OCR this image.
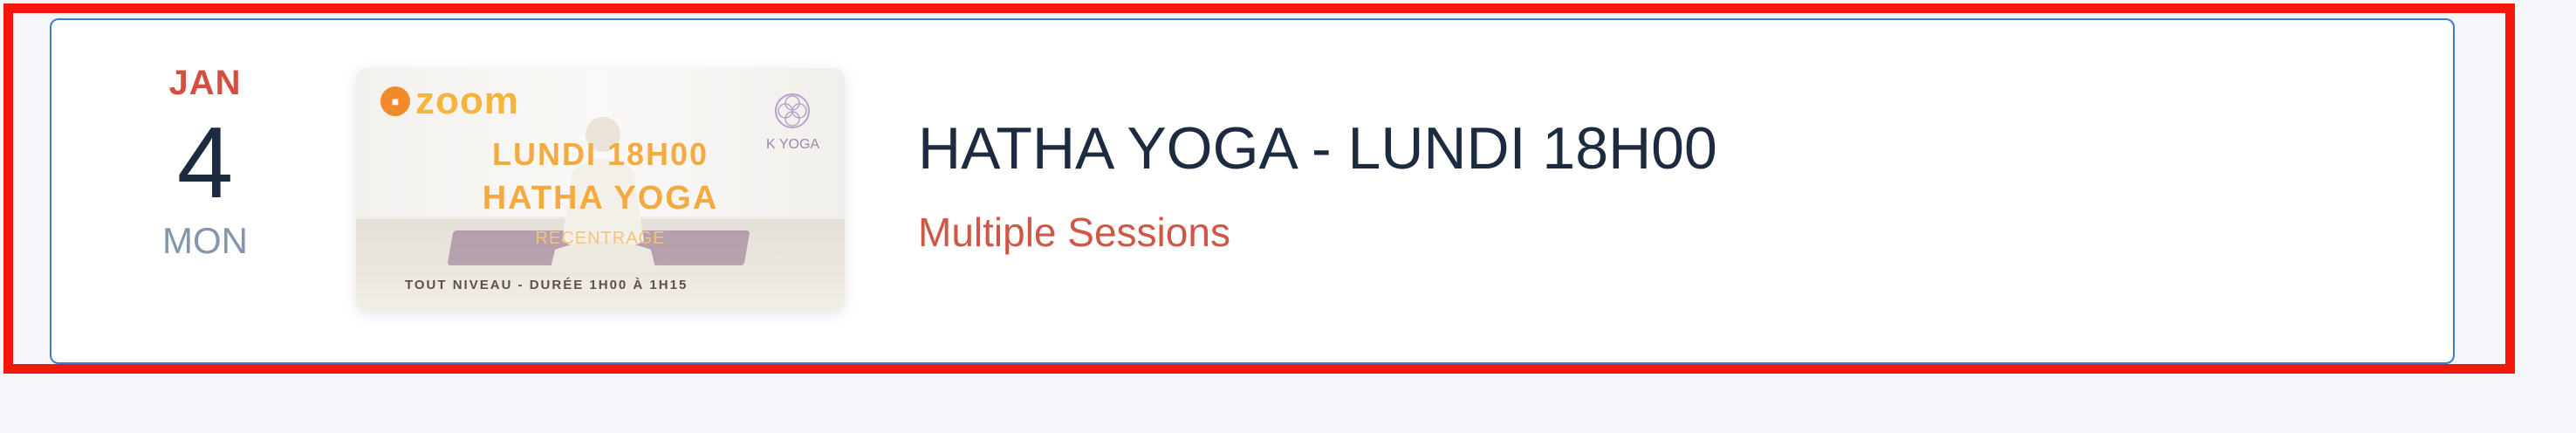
JAN
4
MON
■ zoom
K YOGA
LUNDI 18H00
HATHA YOGA
RECENTRAGE
TOUT NIVEAU - DURÉE 1H00 À 1H15
HATHA YOGA - LUNDI 18H00
Multiple Sessions
